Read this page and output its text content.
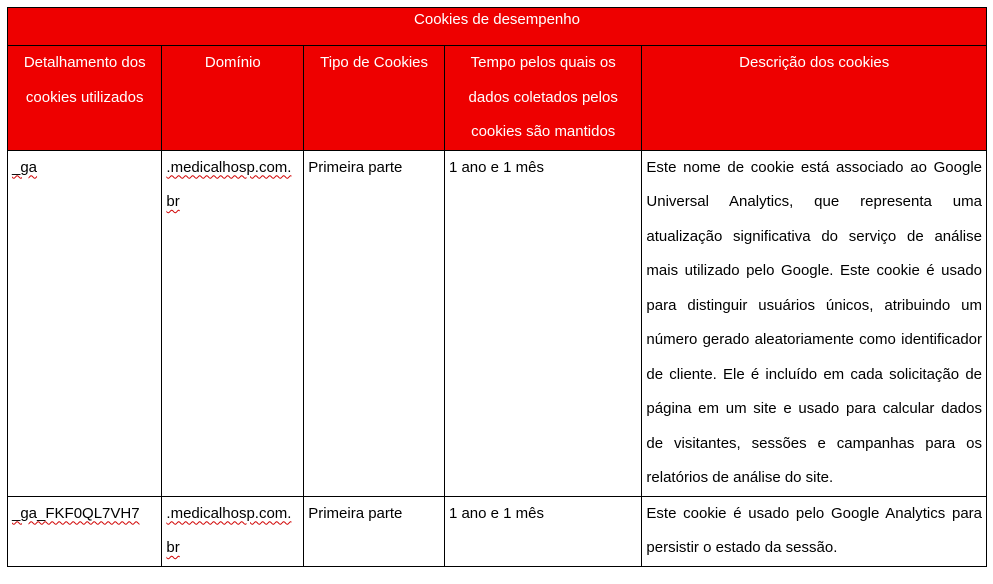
Cookies de desempenho				
Detalhamento dos cookies utilizados	Domínio	Tipo de Cookies	Tempo pelos quais os dados coletados pelos cookies são mantidos	Descrição dos cookies
_ga	.medicalhosp.com.br	Primeira parte	1 ano e 1 mês	Este nome de cookie está associado ao Google Universal Analytics, que representa uma atualização significativa do serviço de análise mais utilizado pelo Google. Este cookie é usado para distinguir usuários únicos, atribuindo um número gerado aleatoriamente como identificador de cliente. Ele é incluído em cada solicitação de página em um site e usado para calcular dados de visitantes, sessões e campanhas para os relatórios de análise do site.
_ga_FKF0QL7VH7	.medicalhosp.com.br	Primeira parte	1 ano e 1 mês	Este cookie é usado pelo Google Analytics para persistir o estado da sessão.
